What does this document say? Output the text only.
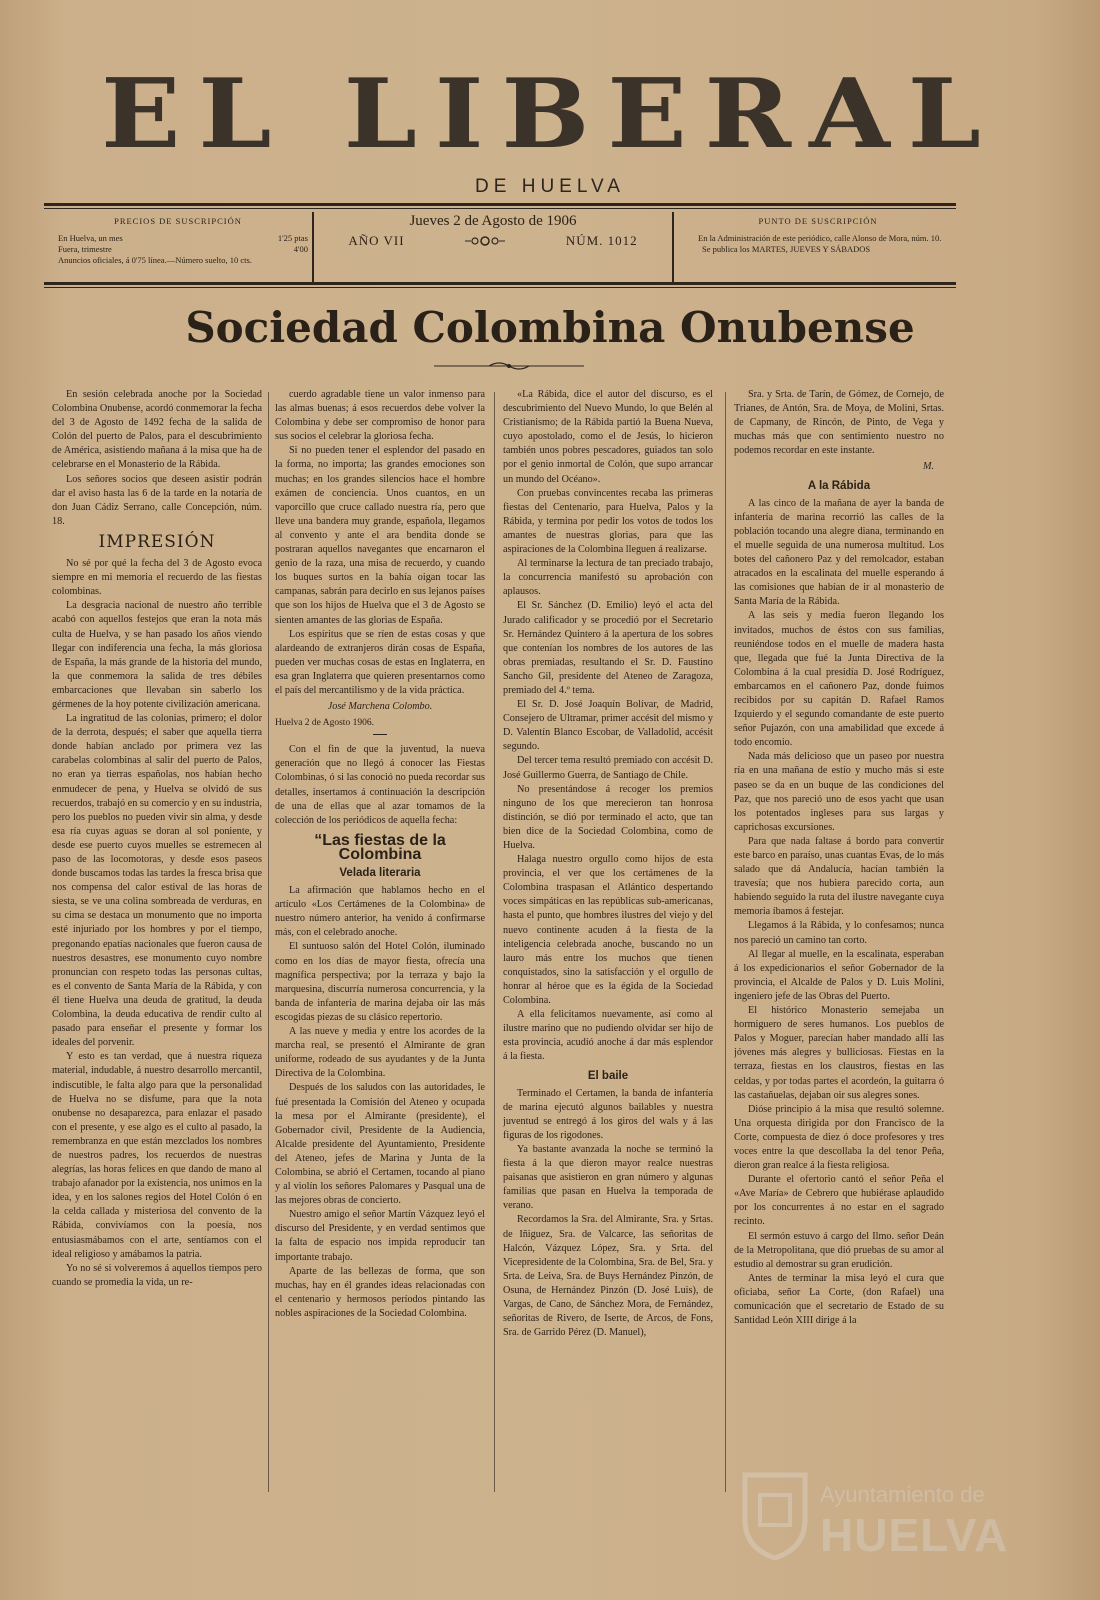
EL LIBERAL
DE HUELVA
PRECIOS DE SUSCRIPCIÓN
En Huelva, un mes	1'25 ptas
Fuera, trimestre	4'00
Anuncios oficiales, á 0'75 línea.—Número suelto, 10 cts.
Jueves 2 de Agosto de 1906
AÑO VII	NÚM. 1012
PUNTO DE SUSCRIPCIÓN
En la Administración de este periódico, calle Alonso de Mora, núm. 10.
Se publica los MARTES, JUEVES Y SÁBADOS
Sociedad Colombina Onubense

En sesión celebrada anoche por la Sociedad Colombina Onubense, acordó conmemorar la fecha del 3 de Agosto de 1492 fecha de la salida de Colón del puerto de Palos, para el descubrimiento de América, asistiendo mañana á la misa que ha de celebrarse en el Monasterio de la Rábida.

Los señores socios que deseen asistir podrán dar el aviso hasta las 6 de la tarde en la notaría de don Juan Cádiz Serrano, calle Concepción, núm. 18.

IMPRESIÓN

No sé por qué la fecha del 3 de Agosto evoca siempre en mi memoria el recuerdo de las fiestas colombinas.

La desgracia nacional de nuestro año terrible acabó con aquellos festejos que eran la nota más culta de Huelva, y se han pasado los años viendo llegar con indiferencia una fecha, la más gloriosa de España, la más grande de la historia del mundo, la que conmemora la salida de tres débiles embarcaciones que llevaban sin saberlo los gérmenes de la hoy potente civilización americana.

La ingratitud de las colonias, primero; el dolor de la derrota, después; el saber que aquella tierra donde habían anclado por primera vez las carabelas colombinas al salir del puerto de Palos, no eran ya tierras españolas, nos habían hecho enmudecer de pena, y Huelva se olvidó de sus recuerdos, trabajó en su comercio y en su industria, pero los pueblos no pueden vivir sin alma, y desde esa ría cuyas aguas se doran al sol poniente, y desde ese puerto cuyos muelles se estremecen al paso de las locomotoras, y desde esos paseos donde buscamos todas las tardes la fresca brisa que nos compensa del calor estival de las horas de siesta, se ve una colina sombreada de verduras, en su cima se destaca un monumento que no importa esté injuriado por los hombres y por el tiempo, pregonando epatías nacionales que fueron causa de nuestros desastres, ese monumento cuyo nombre pronuncian con respeto todas las personas cultas, es el convento de Santa María de la Rábida, y con él tiene Huelva una deuda de gratitud, la deuda Colombina, la deuda educativa de rendir culto al pasado para enseñar el presente y formar los ideales del porvenir.

Y esto es tan verdad, que á nuestra riqueza material, indudable, á nuestro desarrollo mercantil, indiscutible, le falta algo para que la personalidad de Huelva no se disfume, para que la nota onubense no desaparezca, para enlazar el pasado con el presente, y ese algo es el culto al pasado, la remembranza en que están mezclados los nombres de nuestros padres, los recuerdos de nuestras alegrías, las horas felices en que dando de mano al trabajo afanador por la existencia, nos unimos en la idea, y en los salones regios del Hotel Colón ó en la celda callada y misteriosa del convento de la Rábida, convivíamos con la poesía, nos entusiasmábamos con el arte, sentíamos con el ideal religioso y amábamos la patria.

Yo no sé si volveremos á aquellos tiempos pero cuando se promedia la vida, un re-

cuerdo agradable tiene un valor inmenso para las almas buenas; á esos recuerdos debe volver la Colombina y debe ser compromiso de honor para sus socios el celebrar la gloriosa fecha.

Si no pueden tener el esplendor del pasado en la forma, no importa; las grandes emociones son muchas; en los grandes silencios hace el hombre exámen de conciencia. Unos cuantos, en un vaporcillo que cruce callado nuestra ría, pero que lleve una bandera muy grande, española, llegamos al convento y ante el ara bendita donde se postraran aquellos navegantes que encarnaron el genio de la raza, una misa de recuerdo, y cuando los buques surtos en la bahía oigan tocar las campanas, sabrán para decirlo en sus lejanos países que son los hijos de Huelva que el 3 de Agosto se sienten amantes de las glorias de España.

Los espíritus que se ríen de estas cosas y que alardeando de extranjeros dirán cosas de España, pueden ver muchas cosas de estas en Inglaterra, en esa gran Inglaterra que quieren presentarnos como el país del mercantilismo y de la vida práctica.

José Marchena Colombo.
Huelva 2 de Agosto 1906.

Con el fin de que la juventud, la nueva generación que no llegó á conocer las Fiestas Colombinas, ó si las conoció no pueda recordar sus detalles, insertamos á continuación la descripción de una de ellas que al azar tomamos de la colección de los periódicos de aquella fecha:

“Las fiestas de la Colombina
Velada literaria

La afirmación que hablamos hecho en el artículo «Los Certámenes de la Colombina» de nuestro número anterior, ha venido á confirmarse más, con el celebrado anoche.

El suntuoso salón del Hotel Colón, iluminado como en los días de mayor fiesta, ofrecía una magnífica perspectiva; por la terraza y bajo la marquesina, discurría numerosa concurrencia, y la banda de infantería de marina dejaba oir las más escogidas piezas de su clásico repertorio.

A las nueve y media y entre los acordes de la marcha real, se presentó el Almirante de gran uniforme, rodeado de sus ayudantes y de la Junta Directiva de la Colombina.

Después de los saludos con las autoridades, le fué presentada la Comisión del Ateneo y ocupada la mesa por el Almirante (presidente), el Gobernador civil, Presidente de la Audiencia, Alcalde presidente del Ayuntamiento, Presidente del Ateneo, jefes de Marina y Junta de la Colombina, se abrió el Certamen, tocando al piano y al violín los señores Palomares y Pasqual una de las mejores obras de concierto.

Nuestro amigo el señor Martín Vázquez leyó el discurso del Presidente, y en verdad sentimos que la falta de espacio nos impida reproducir tan importante trabajo.

Aparte de las bellezas de forma, que son muchas, hay en él grandes ideas relacionadas con el centenario y hermosos períodos pintando las nobles aspiraciones de la Sociedad Colombina.

«La Rábida, dice el autor del discurso, es el descubrimiento del Nuevo Mundo, lo que Belén al Cristianismo; de la Rábida partió la Buena Nueva, cuyo apostolado, como el de Jesús, lo hicieron también unos pobres pescadores, guiados tan solo por el genio inmortal de Colón, que supo arrancar un mundo del Océano».

Con pruebas convincentes recaba las primeras fiestas del Centenario, para Huelva, Palos y la Rábida, y termina por pedir los votos de todos los amantes de nuestras glorias, para que las aspiraciones de la Colombina lleguen á realizarse.

Al terminarse la lectura de tan preciado trabajo, la concurrencia manifestó su aprobación con aplausos.

El Sr. Sánchez (D. Emilio) leyó el acta del Jurado calificador y se procedió por el Secretario Sr. Hernández Quintero á la apertura de los sobres que contenían los nombres de los autores de las obras premiadas, resultando el Sr. D. Faustino Sancho Gil, presidente del Ateneo de Zaragoza, premiado del 4.º tema.

El Sr. D. José Joaquín Bolívar, de Madrid, Consejero de Ultramar, primer accésit del mismo y D. Valentín Blanco Escobar, de Valladolid, accésit segundo.

Del tercer tema resultó premiado con accésit D. José Guillermo Guerra, de Santiago de Chile.

No presentándose á recoger los premios ninguno de los que merecieron tan honrosa distinción, se dió por terminado el acto, que tan bien dice de la Sociedad Colombina, como de Huelva.

Halaga nuestro orgullo como hijos de esta provincia, el ver que los certámenes de la Colombina traspasan el Atlántico despertando voces simpáticas en las repúblicas sub-americanas, hasta el punto, que hombres ilustres del viejo y del nuevo continente acuden á la fiesta de la inteligencia celebrada anoche, buscando no un lauro más entre los muchos que tienen conquistados, sino la satisfacción y el orgullo de honrar al héroe que es la égida de la Sociedad Colombina.

A ella felicitamos nuevamente, así como al ilustre marino que no pudiendo olvidar ser hijo de esta provincia, acudió anoche á dar más esplendor á la fiesta.

El baile

Terminado el Certamen, la banda de infantería de marina ejecutó algunos bailables y nuestra juventud se entregó á los giros del wals y á las figuras de los rigodones.

Ya bastante avanzada la noche se terminó la fiesta á la que dieron mayor realce nuestras paisanas que asistieron en gran número y algunas familias que pasan en Huelva la temporada de verano.

Recordamos la Sra. del Almirante, Sra. y Srtas. de Iñiguez, Sra. de Valcarce, las señoritas de Halcón, Vázquez López, Sra. y Srta. del Vicepresidente de la Colombina, Sra. de Bel, Sra. y Srta. de Leiva, Sra. de Buys Hernández Pinzón, de Osuna, de Hernández Pinzón (D. José Luis), de Vargas, de Cano, de Sánchez Mora, de Fernández, señoritas de Rivero, de Iserte, de Arcos, de Fons, Sra. de Garrido Pérez (D. Manuel),

Sra. y Srta. de Tarín, de Gómez, de Cornejo, de Trianes, de Antón, Sra. de Moya, de Molini, Srtas. de Capmany, de Rincón, de Pinto, de Vega y muchas más que con sentimiento nuestro no podemos recordar en este instante.

M.
A la Rábida

A las cinco de la mañana de ayer la banda de infantería de marina recorrió las calles de la población tocando una alegre diana, terminando en el muelle seguida de una numerosa multitud. Los botes del cañonero Paz y del remolcador, estaban atracados en la escalinata del muelle esperando á las comisiones que habían de ir al monasterio de Santa María de la Rábida.

A las seis y media fueron llegando los invitados, muchos de éstos con sus familias, reuniéndose todos en el muelle de madera hasta que, llegada que fué la Junta Directiva de la Colombina á la cual presidía D. José Rodríguez, embarcamos en el cañonero Paz, donde fuimos recibidos por su capitán D. Rafael Ramos Izquierdo y el segundo comandante de este puerto señor Pujazón, con una amabilidad que excede á todo encomio.

Nada más delicioso que un paseo por nuestra ría en una mañana de estío y mucho más si este paseo se da en un buque de las condiciones del Paz, que nos pareció uno de esos yacht que usan los potentados ingleses para sus largas y caprichosas excursiones.

Para que nada faltase á bordo para convertir este barco en paraíso, unas cuantas Evas, de lo más salado que dá Andalucía, hacían también la travesía; que nos hubiera parecido corta, aun habiendo seguido la ruta del ilustre navegante cuya memoria íbamos á festejar.

Llegamos á la Rábida, y lo confesamos; nunca nos pareció un camino tan corto.

Al llegar al muelle, en la escalinata, esperaban á los expedicionarios el señor Gobernador de la provincia, el Alcalde de Palos y D. Luis Molini, ingeniero jefe de las Obras del Puerto.

El histórico Monasterio semejaba un hormiguero de seres humanos. Los pueblos de Palos y Moguer, parecían haber mandado allí las jóvenes más alegres y bulliciosas. Fiestas en la terraza, fiestas en los claustros, fiestas en las celdas, y por todas partes el acordeón, la guitarra ó las castañuelas, dejaban oir sus alegres sones.

Dióse principio á la misa que resultó solemne. Una orquesta dirigida por don Francisco de la Corte, compuesta de diez ó doce profesores y tres voces entre la que descollaba la del tenor Peña, dieron gran realce á la fiesta religiosa.

Durante el ofertorio cantó el señor Peña el «Ave María» de Cebrero que hubiérase aplaudido por los concurrentes á no estar en el sagrado recinto.

El sermón estuvo á cargo del Ilmo. señor Deán de la Metropolitana, que dió pruebas de su amor al estudio al demostrar su gran erudición.

Antes de terminar la misa leyó el cura que oficiaba, señor La Corte, (don Rafael) una comunicación que el secretario de Estado de su Santidad León XIII dirige á la

Ayuntamiento de
HUELVA
